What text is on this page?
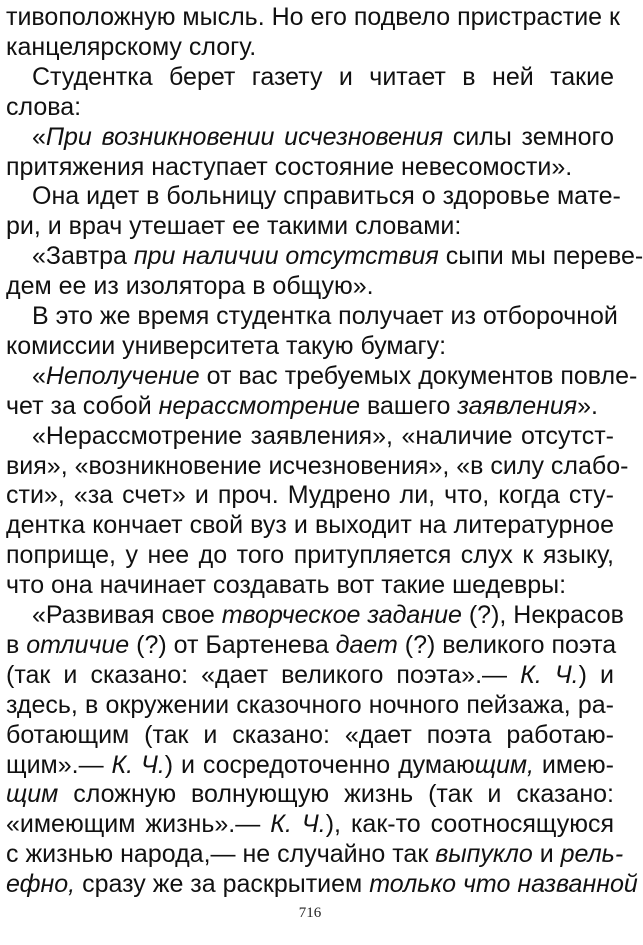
тивоположную мысль. Но его подвело пристрастие к
канцелярскому слогу.
Студентка берет газету и читает в ней такие
слова:
«При возникновении исчезновения силы земного
притяжения наступает состояние невесомости».
Она идет в больницу справиться о здоровье мате-
ри, и врач утешает ее такими словами:
«Завтра при наличии отсутствия сыпи мы переве-
дем ее из изолятора в общую».
В это же время студентка получает из отборочной
комиссии университета такую бумагу:
«Неполучение от вас требуемых документов повле-
чет за собой нерассмотрение вашего заявления».
«Нерассмотрение заявления», «наличие отсутст-
вия», «возникновение исчезновения», «в силу слабо-
сти», «за счет» и проч. Мудрено ли, что, когда сту-
дентка кончает свой вуз и выходит на литературное
поприще, у нее до того притупляется слух к языку,
что она начинает создавать вот такие шедевры:
«Развивая свое творческое задание (?), Некрасов
в отличие (?) от Бартенева дает (?) великого поэта
(так и сказано: «дает великого поэта».— К. Ч.) и
здесь, в окружении сказочного ночного пейзажа, ра-
ботающим (так и сказано: «дает поэта работаю-
щим».— К. Ч.) и сосредоточенно думающим, имею-
щим сложную волнующую жизнь (так и сказано:
«имеющим жизнь».— К. Ч.), как-то соотносящуюся
с жизнью народа,— не случайно так выпукло и рель-
ефно, сразу же за раскрытием только что названной
716
